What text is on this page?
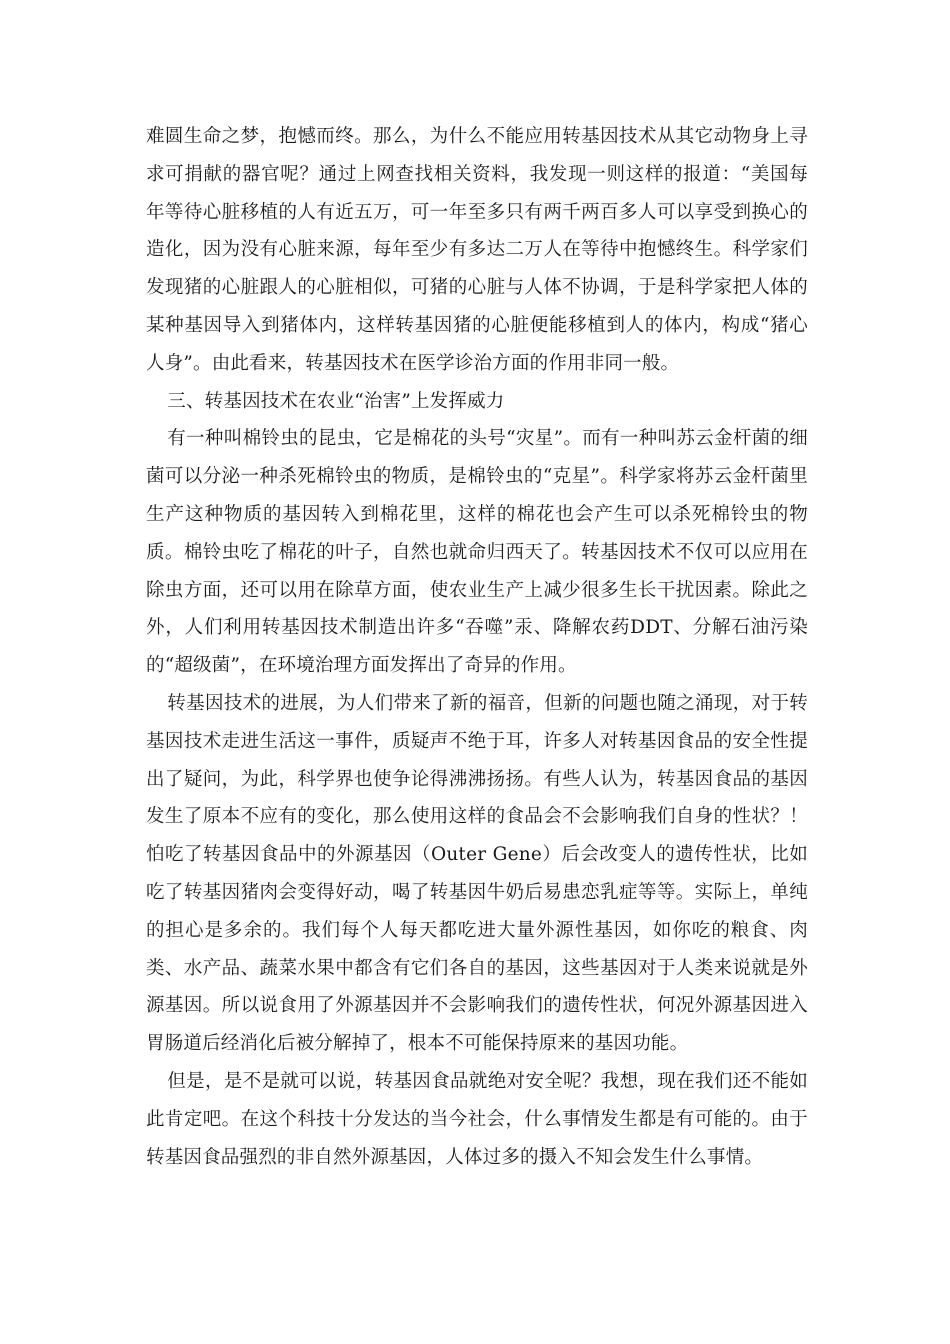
难圆生命之梦，抱憾而终。那么，为什么不能应用转基因技术从其它动物身上寻求可捐献的器官呢？通过上网查找相关资料，我发现一则这样的报道：“美国每年等待心脏移植的人有近五万，可一年至多只有两千两百多人可以享受到换心的造化，因为没有心脏来源，每年至少有多达二万人在等待中抱憾终生。科学家们发现猪的心脏跟人的心脏相似，可猪的心脏与人体不协调，于是科学家把人体的某种基因导入到猪体内，这样转基因猪的心脏便能移植到人的体内，构成“猪心人身”。由此看来，转基因技术在医学诊治方面的作用非同一般。

三、转基因技术在农业“治害”上发挥威力

有一种叫棉铃虫的昆虫，它是棉花的头号“灾星”。而有一种叫苏云金杆菌的细菌可以分泌一种杀死棉铃虫的物质，是棉铃虫的“克星”。科学家将苏云金杆菌里生产这种物质的基因转入到棉花里，这样的棉花也会产生可以杀死棉铃虫的物质。棉铃虫吃了棉花的叶子，自然也就命归西天了。转基因技术不仅可以应用在除虫方面，还可以用在除草方面，使农业生产上减少很多生长干扰因素。除此之外，人们利用转基因技术制造出许多“吞噬”汞、降解农药DDT、分解石油污染的“超级菌”，在环境治理方面发挥出了奇异的作用。

转基因技术的进展，为人们带来了新的福音，但新的问题也随之涌现，对于转基因技术走进生活这一事件，质疑声不绝于耳，许多人对转基因食品的安全性提出了疑问，为此，科学界也使争论得沸沸扬扬。有些人认为，转基因食品的基因发生了原本不应有的变化，那么使用这样的食品会不会影响我们自身的性状？！怕吃了转基因食品中的外源基因（Outer Gene）后会改变人的遗传性状，比如吃了转基因猪肉会变得好动，喝了转基因牛奶后易患恋乳症等等。实际上，单纯的担心是多余的。我们每个人每天都吃进大量外源性基因，如你吃的粮食、肉类、水产品、蔬菜水果中都含有它们各自的基因，这些基因对于人类来说就是外源基因。所以说食用了外源基因并不会影响我们的遗传性状，何况外源基因进入胃肠道后经消化后被分解掉了，根本不可能保持原来的基因功能。

但是，是不是就可以说，转基因食品就绝对安全呢？我想，现在我们还不能如此肯定吧。在这个科技十分发达的当今社会，什么事情发生都是有可能的。由于转基因食品强烈的非自然外源基因，人体过多的摄入不知会发生什么事情。
